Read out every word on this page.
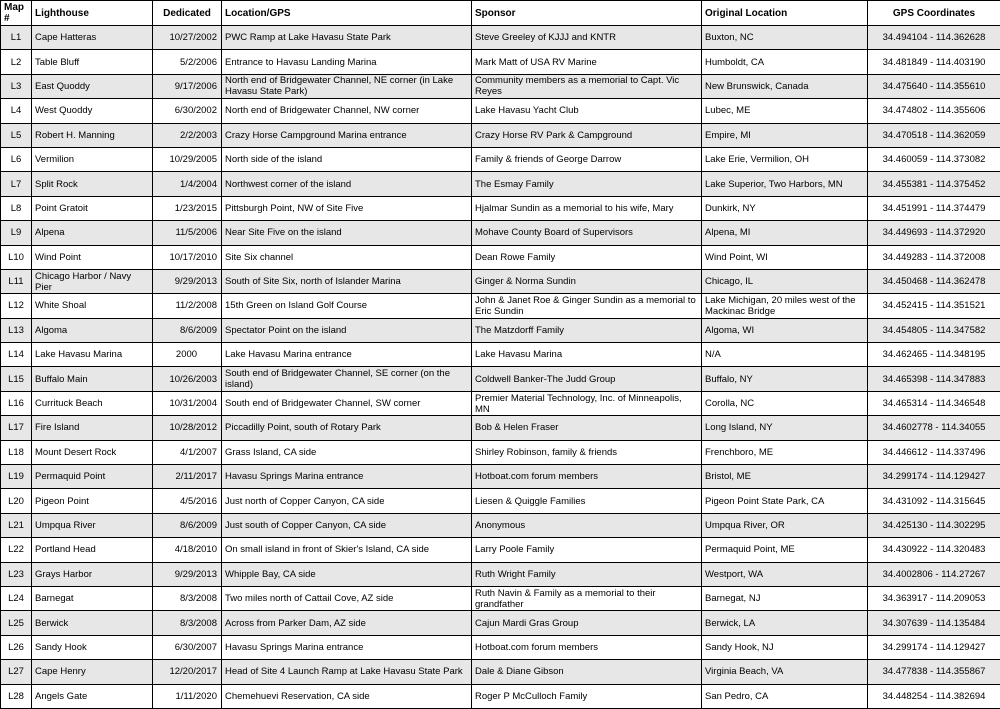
Map #	Lighthouse	Dedicated	Location/GPS	Sponsor	Original Location	GPS Coordinates
L1	Cape Hatteras	10/27/2002	PWC Ramp at Lake Havasu State Park	Steve Greeley of KJJJ and KNTR	Buxton, NC	34.494104 - 114.362628
L2	Table Bluff	5/2/2006	Entrance to Havasu Landing Marina	Mark Matt of USA RV Marine	Humboldt, CA	34.481849 - 114.403190
L3	East Quoddy	9/17/2006	North end of Bridgewater Channel, NE corner (in Lake Havasu State Park)	Community members as a memorial to Capt. Vic Reyes	New Brunswick, Canada	34.475640 - 114.355610
L4	West Quoddy	6/30/2002	North end of Bridgewater Channel, NW corner	Lake Havasu Yacht Club	Lubec, ME	34.474802 - 114.355606
L5	Robert H. Manning	2/2/2003	Crazy Horse Campground Marina entrance	Crazy Horse RV Park & Campground	Empire, MI	34.470518 - 114.362059
L6	Vermilion	10/29/2005	North side of the island	Family & friends of George Darrow	Lake Erie, Vermilion, OH	34.460059 - 114.373082
L7	Split Rock	1/4/2004	Northwest corner of the island	The Esmay Family	Lake Superior, Two Harbors, MN	34.455381 - 114.375452
L8	Point Gratoit	1/23/2015	Pittsburgh Point, NW of Site Five	Hjalmar Sundin as a memorial to his wife, Mary	Dunkirk, NY	34.451991 - 114.374479
L9	Alpena	11/5/2006	Near Site Five on the island	Mohave County Board of Supervisors	Alpena, MI	34.449693 - 114.372920
L10	Wind Point	10/17/2010	Site Six channel	Dean Rowe Family	Wind Point, WI	34.449283 - 114.372008
L11	Chicago Harbor / Navy Pier	9/29/2013	South of Site Six, north of Islander Marina	Ginger & Norma Sundin	Chicago, IL	34.450468 - 114.362478
L12	White Shoal	11/2/2008	15th Green on Island Golf Course	John & Janet Roe & Ginger Sundin as a memorial to Eric Sundin	Lake Michigan, 20 miles west of the Mackinac Bridge	34.452415 - 114.351521
L13	Algoma	8/6/2009	Spectator Point on the island	The Matzdorff Family	Algoma, WI	34.454805 - 114.347582
L14	Lake Havasu Marina	2000	Lake Havasu Marina entrance	Lake Havasu Marina	N/A	34.462465 - 114.348195
L15	Buffalo Main	10/26/2003	South end of Bridgewater Channel, SE corner (on the island)	Coldwell Banker-The Judd Group	Buffalo, NY	34.465398 - 114.347883
L16	Currituck Beach	10/31/2004	South end of Bridgewater Channel, SW corner	Premier Material Technology, Inc. of Minneapolis, MN	Corolla, NC	34.465314 - 114.346548
L17	Fire Island	10/28/2012	Piccadilly Point, south of Rotary Park	Bob & Helen Fraser	Long Island, NY	34.4602778 - 114.34055
L18	Mount Desert Rock	4/1/2007	Grass Island, CA side	Shirley Robinson, family & friends	Frenchboro, ME	34.446612 - 114.337496
L19	Permaquid Point	2/11/2017	Havasu Springs Marina entrance	Hotboat.com forum members	Bristol, ME	34.299174 - 114.129427
L20	Pigeon Point	4/5/2016	Just north of Copper Canyon, CA side	Liesen & Quiggle Families	Pigeon Point State Park, CA	34.431092 - 114.315645
L21	Umpqua River	8/6/2009	Just south of Copper Canyon, CA side	Anonymous	Umpqua River, OR	34.425130 - 114.302295
L22	Portland Head	4/18/2010	On small island in front of Skier's Island, CA side	Larry Poole Family	Permaquid Point, ME	34.430922 - 114.320483
L23	Grays Harbor	9/29/2013	Whipple Bay, CA side	Ruth Wright Family	Westport, WA	34.4002806 - 114.27267
L24	Barnegat	8/3/2008	Two miles north of Cattail Cove, AZ side	Ruth Navin & Family as a memorial to their grandfather	Barnegat, NJ	34.363917 - 114.209053
L25	Berwick	8/3/2008	Across from Parker Dam, AZ side	Cajun Mardi Gras Group	Berwick, LA	34.307639 - 114.135484
L26	Sandy Hook	6/30/2007	Havasu Springs Marina entrance	Hotboat.com forum members	Sandy Hook, NJ	34.299174 - 114.129427
L27	Cape Henry	12/20/2017	Head of Site 4 Launch Ramp at Lake Havasu State Park	Dale & Diane Gibson	Virginia Beach, VA	34.477838 - 114.355867
L28	Angels Gate	1/11/2020	Chemehuevi Reservation, CA side	Roger P McCulloch Family	San Pedro, CA	34.448254 - 114.382694
